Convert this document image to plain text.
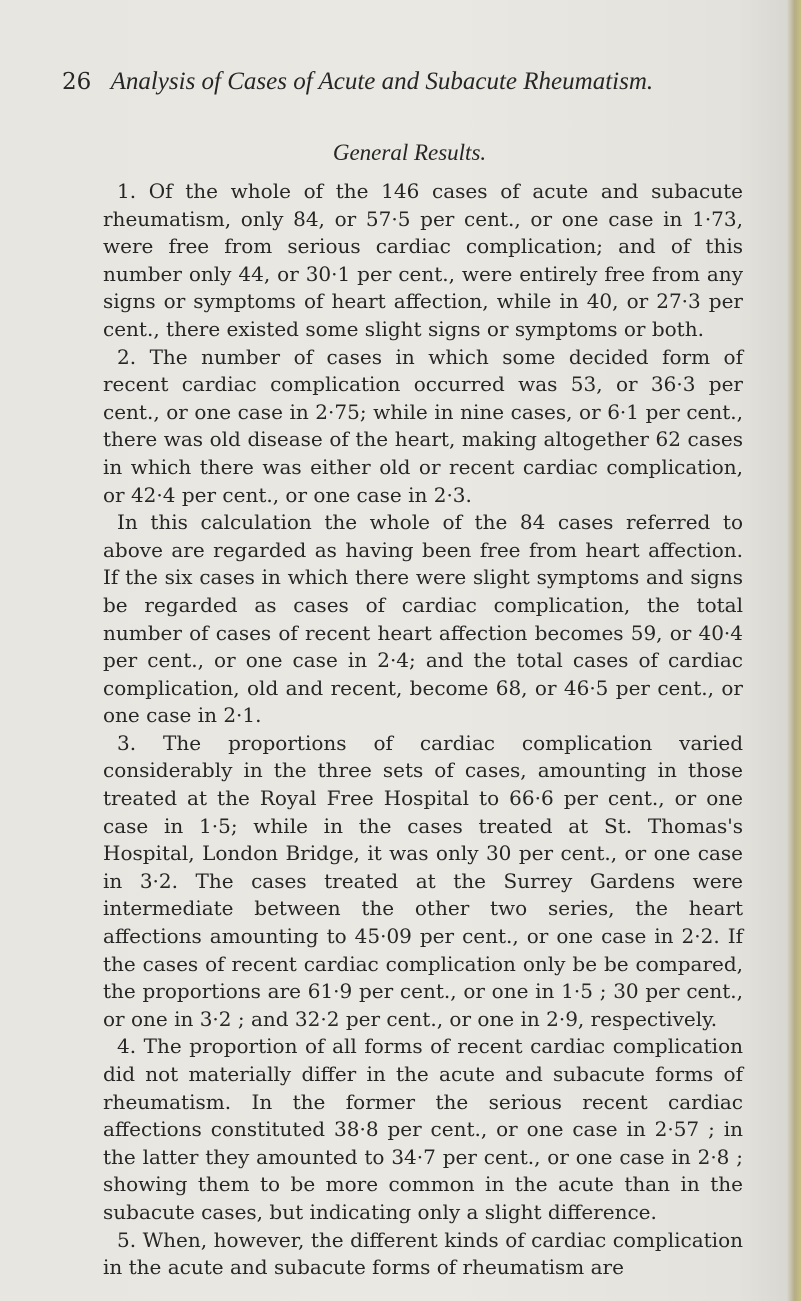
26 Analysis of Cases of Acute and Subacute Rheumatism.
General Results.

1. Of the whole of the 146 cases of acute and subacute rheumatism, only 84, or 57·5 per cent., or one case in 1·73, were free from serious cardiac complication; and of this number only 44, or 30·1 per cent., were entirely free from any signs or symptoms of heart affection, while in 40, or 27·3 per cent., there existed some slight signs or symptoms or both.

2. The number of cases in which some decided form of recent cardiac complication occurred was 53, or 36·3 per cent., or one case in 2·75; while in nine cases, or 6·1 per cent., there was old disease of the heart, making altogether 62 cases in which there was either old or recent cardiac complication, or 42·4 per cent., or one case in 2·3.

In this calculation the whole of the 84 cases referred to above are regarded as having been free from heart affection. If the six cases in which there were slight symptoms and signs be regarded as cases of cardiac complication, the total number of cases of recent heart affection becomes 59, or 40·4 per cent., or one case in 2·4; and the total cases of cardiac complication, old and recent, become 68, or 46·5 per cent., or one case in 2·1.

3. The proportions of cardiac complication varied considerably in the three sets of cases, amounting in those treated at the Royal Free Hospital to 66·6 per cent., or one case in 1·5; while in the cases treated at St. Thomas's Hospital, London Bridge, it was only 30 per cent., or one case in 3·2. The cases treated at the Surrey Gardens were intermediate between the other two series, the heart affections amounting to 45·09 per cent., or one case in 2·2. If the cases of recent cardiac complication only be be compared, the proportions are 61·9 per cent., or one in 1·5 ; 30 per cent., or one in 3·2 ; and 32·2 per cent., or one in 2·9, respectively.

4. The proportion of all forms of recent cardiac complication did not materially differ in the acute and subacute forms of rheumatism. In the former the serious recent cardiac affections constituted 38·8 per cent., or one case in 2·57 ; in the latter they amounted to 34·7 per cent., or one case in 2·8 ; showing them to be more common in the acute than in the subacute cases, but indicating only a slight difference.

5. When, however, the different kinds of cardiac complication in the acute and subacute forms of rheumatism are
